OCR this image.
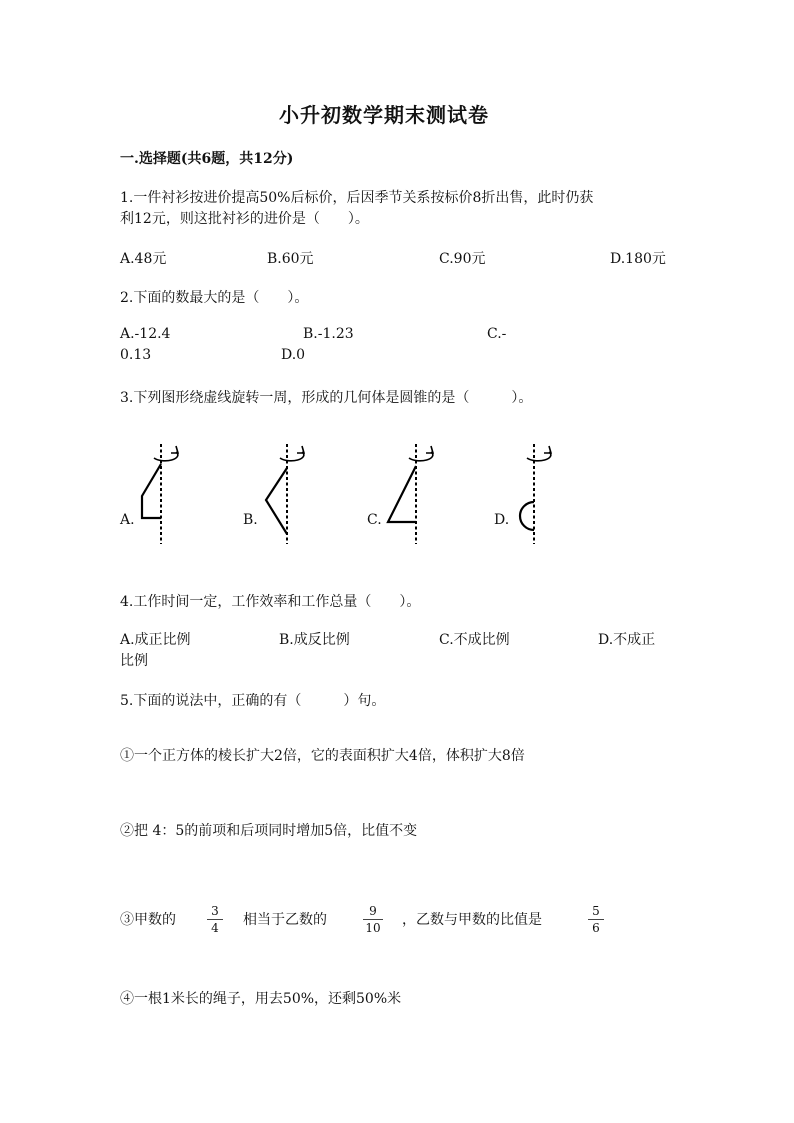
小升初数学期末测试卷
一.选择题(共6题，共12分)
1.一件衬衫按进价提高50%后标价，后因季节关系按标价8折出售，此时仍获
利12元，则这批衬衫的进价是（　　）。
A.48元	B.60元	C.90元	D.180元
2.下面的数最大的是（　　）。
A.-12.4	B.-1.23	C.-
0.13	D.0
3.下列图形绕虚线旋转一周，形成的几何体是圆锥的是（　　　）。
A.	B.	C.	D.
4.工作时间一定，工作效率和工作总量（　　）。
A.成正比例	B.成反比例	C.不成比例	D.不成正
比例
5.下面的说法中，正确的有（　　　）句。
①一个正方体的棱长扩大2倍，它的表面积扩大4倍，体积扩大8倍
②把 4：5的前项和后项同时增加5倍，比值不变
③甲数的	$\frac{3}{4}$ 相当于乙数的	$\frac{9}{10}$ ，乙数与甲数的比值是	$\frac{5}{6}$
④一根1米长的绳子，用去50%，还剩50%米
